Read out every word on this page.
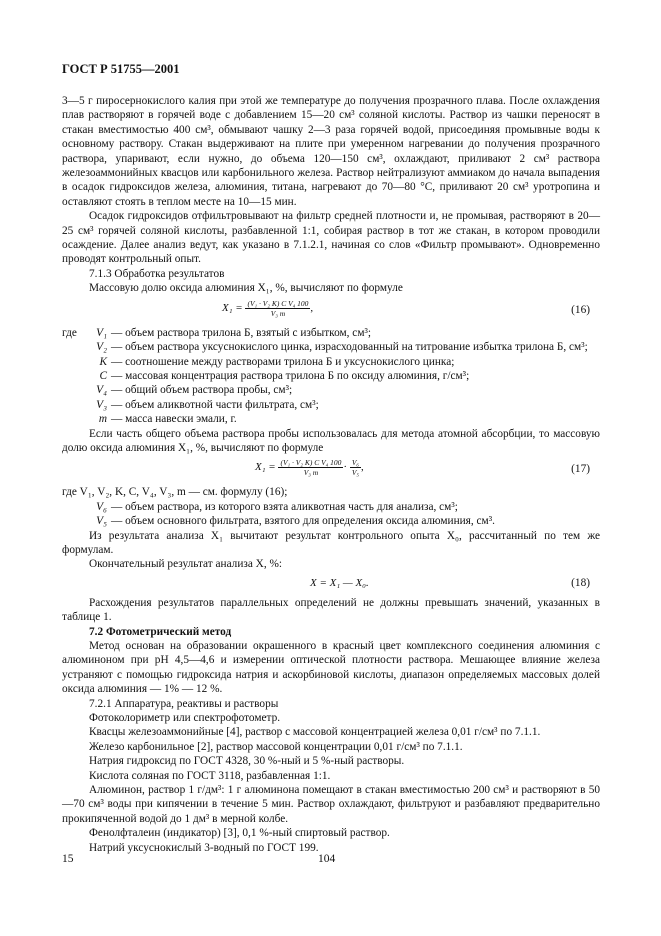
ГОСТ Р 51755—2001

3—5 г пиросернокислого калия при этой же температуре до получения прозрачного плава. После охлаждения плав растворяют в горячей воде с добавлением 15—20 см³ соляной кислоты. Раствор из чашки переносят в стакан вместимостью 400 см³, обмывают чашку 2—3 раза горячей водой, присоединяя промывные воды к основному раствору. Стакан выдерживают на плите при умеренном нагревании до получения прозрачного раствора, упаривают, если нужно, до объема 120—150 см³, охлаждают, приливают 2 см³ раствора железоаммонийных квасцов или карбонильного железа. Раствор нейтрализуют аммиаком до начала выпадения в осадок гидроксидов железа, алюминия, титана, нагревают до 70—80 °С, приливают 20 см³ уротропина и оставляют стоять в теплом месте на 10—15 мин.

Осадок гидроксидов отфильтровывают на фильтр средней плотности и, не промывая, растворяют в 20—25 см³ горячей соляной кислоты, разбавленной 1:1, собирая раствор в тот же стакан, в котором проводили осаждение. Далее анализ ведут, как указано в 7.1.2.1, начиная со слов «Фильтр промывают». Одновременно проводят контрольный опыт.

7.1.3 Обработка результатов

Массовую долю оксида алюминия X₁, %, вычисляют по формуле

$X_1 = \frac{\text{(V₁ · V₂ K) C V₄ 100}}{\text{V₃ m}}$ ,	(16)
где	V₁ — объем раствора трилона Б, взятый с избытком, см³;
V₂ — объем раствора уксуснокислого цинка, израсходованный на титрование избытка трилона Б, см³;
K — соотношение между растворами трилона Б и уксуснокислого цинка;
C — массовая концентрация раствора трилона Б по оксиду алюминия, г/см³;
V₄ — общий объем раствора пробы, см³;
V₃ — объем аликвотной части фильтрата, см³;
m — масса навески эмали, г.

Если часть общего объема раствора пробы использовалась для метода атомной абсорбции, то массовую долю оксида алюминия X₁, %, вычисляют по формуле

$X_1 = \frac{\text{(V₁ · V₂ K) C V₄ 100}}{\text{V₃ m}} \cdot \frac{\text{V₆}}{\text{V₅}}$ ,	(17)

где V₁, V₂, K, C, V₄, V₃, m — см. формулу (16);

V₆ — объем раствора, из которого взята аликвотная часть для анализа, см³;
V₅ — объем основного фильтрата, взятого для определения оксида алюминия, см³.

Из результата анализа X₁ вычитают результат контрольного опыта X₀, рассчитанный по тем же формулам.

Окончательный результат анализа X, %:

X = X₁ — X₀.	(18)

Расхождения результатов параллельных определений не должны превышать значений, указанных в таблице 1.

7.2 Фотометрический метод

Метод основан на образовании окрашенного в красный цвет комплексного соединения алюминия с алюминоном при рН 4,5—4,6 и измерении оптической плотности раствора. Мешающее влияние железа устраняют с помощью гидроксида натрия и аскорбиновой кислоты, диапазон определяемых массовых долей оксида алюминия — 1% — 12 %.

7.2.1 Аппаратура, реактивы и растворы

Фотоколориметр или спектрофотометр.

Квасцы железоаммонийные [4], раствор с массовой концентрацией железа 0,01 г/см³ по 7.1.1.

Железо карбонильное [2], раствор массовой концентрации 0,01 г/см³ по 7.1.1.

Натрия гидроксид по ГОСТ 4328, 30 %-ный и 5 %-ный растворы.

Кислота соляная по ГОСТ 3118, разбавленная 1:1.

Алюминон, раствор 1 г/дм³: 1 г алюминона помещают в стакан вместимостью 200 см³ и растворяют в 50—70 см³ воды при кипячении в течение 5 мин. Раствор охлаждают, фильтруют и разбавляют предварительно прокипяченной водой до 1 дм³ в мерной колбе.

Фенолфталеин (индикатор) [3], 0,1 %-ный спиртовый раствор.

Натрий уксуснокислый 3-водный по ГОСТ 199.

15	104
